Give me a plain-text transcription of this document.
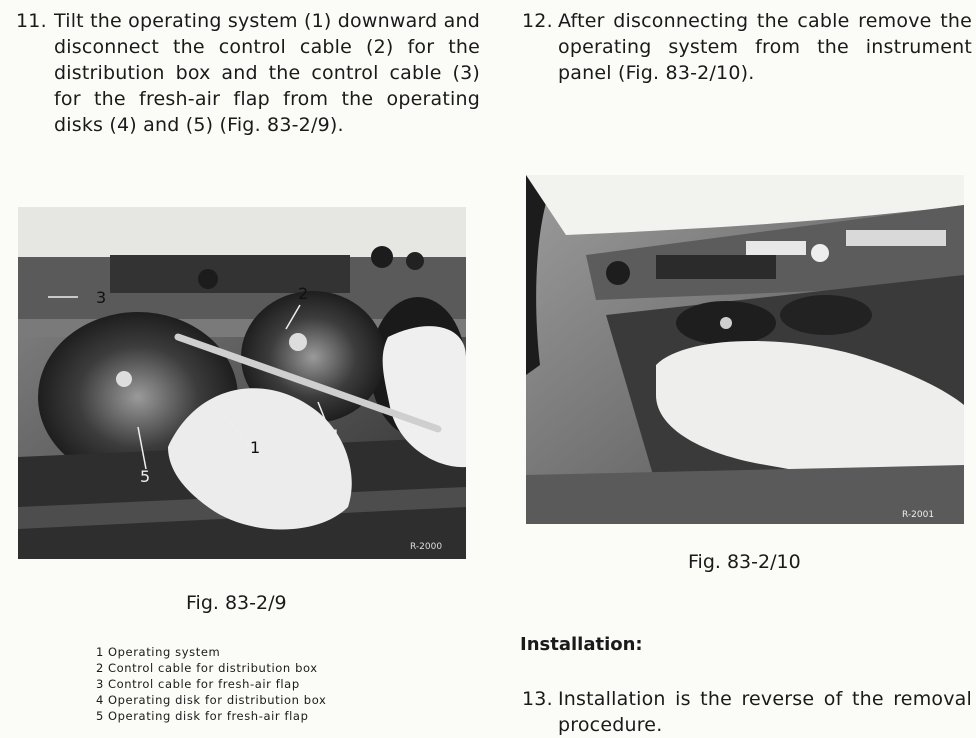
11. Tilt the operating system (1) downward and disconnect the control cable (2) for the distribution box and the control cable (3) for the fresh-air flap from the operating disks (4) and (5) (Fig. 83-2/9).
12. After disconnecting the cable remove the operating system from the instrument panel (Fig. 83-2/10).
3	2
1
4
5
R-2000
R-2001
Fig. 83-2/9
Fig. 83-2/10
1 Operating system
2 Control cable for distribution box
3 Control cable for fresh-air flap
4 Operating disk for distribution box
5 Operating disk for fresh-air flap
Installation:
13. Installation is the reverse of the removal procedure.
